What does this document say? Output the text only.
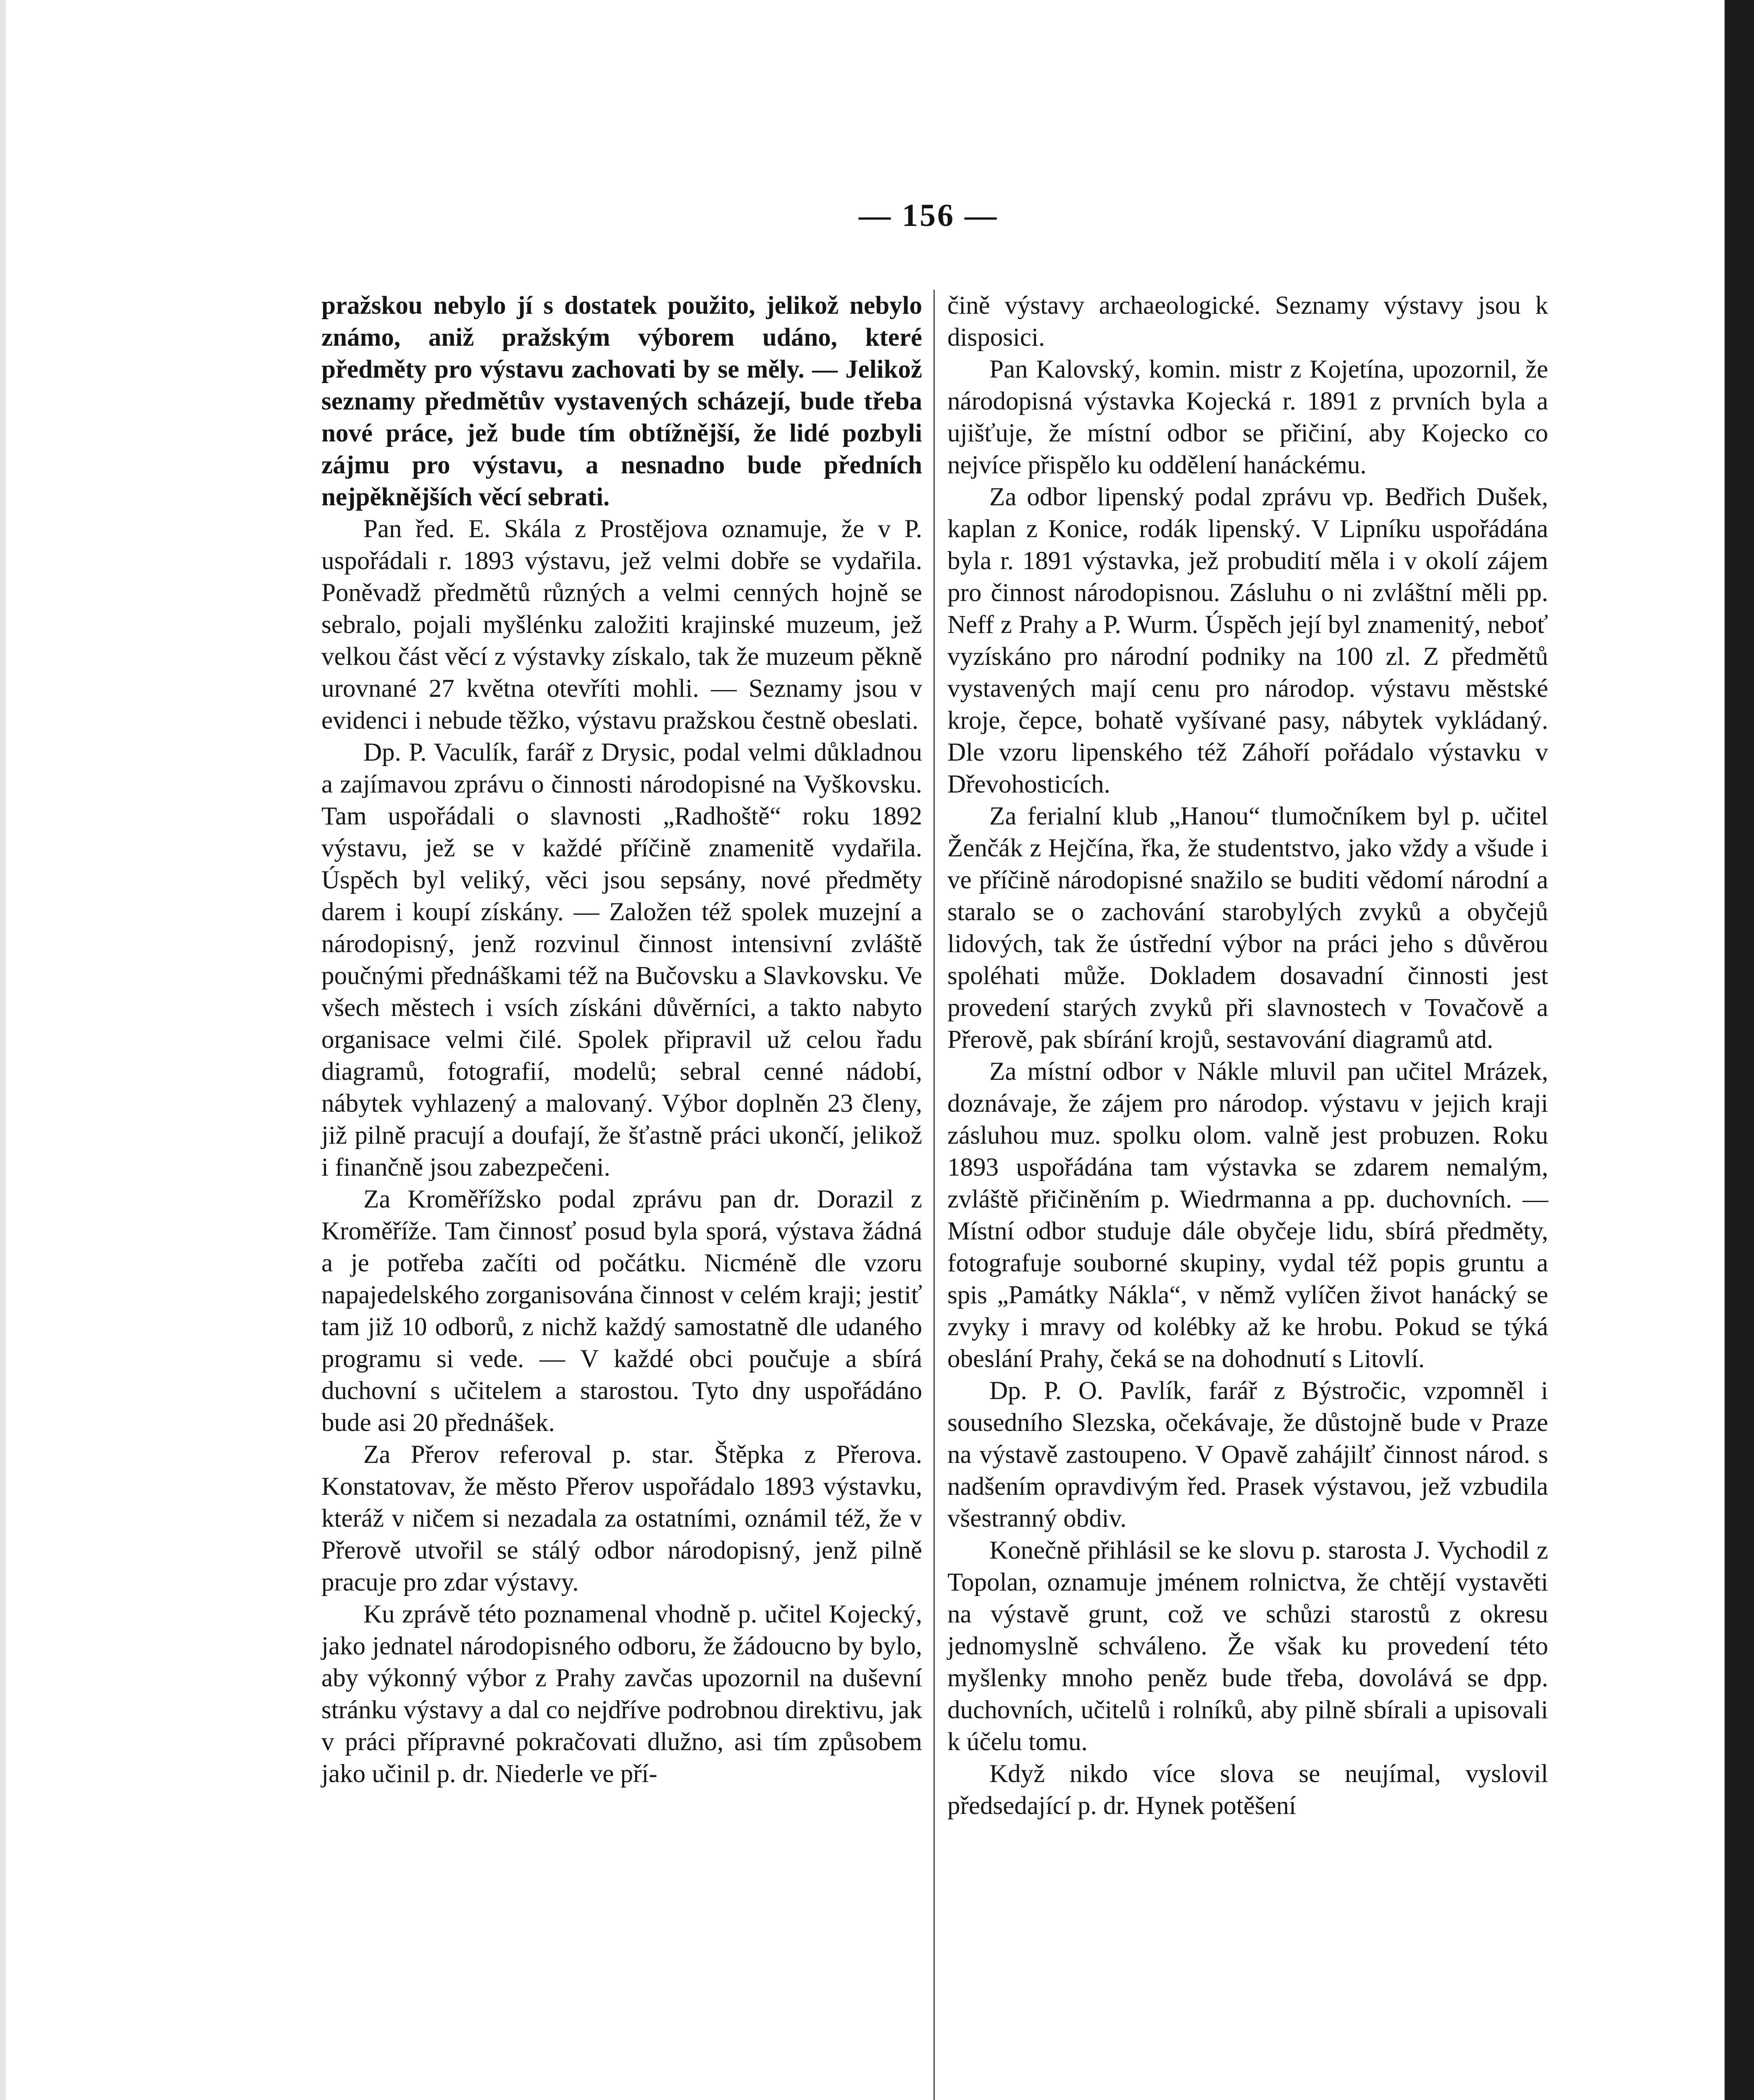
— 156 —

pražskou nebylo jí s dostatek použito, jelikož nebylo známo, aniž pražským výborem udáno, které předměty pro výstavu zachovati by se měly. — Jelikož seznamy předmětův vystavených scházejí, bude třeba nové práce, jež bude tím obtížnější, že lidé pozbyli zájmu pro výstavu, a nesnadno bude předních nejpěknějších věcí sebrati.

Pan řed. E. Skála z Prostějova oznamuje, že v P. uspořádali r. 1893 výstavu, jež velmi dobře se vydařila. Poněvadž předmětů různých a velmi cenných hojně se sebralo, pojali myšlénku založiti krajinské muzeum, jež velkou část věcí z výstavky získalo, tak že muzeum pěkně urovnané 27 května otevříti mohli. — Seznamy jsou v evidenci i nebude těžko, výstavu pražskou čestně obeslati.

Dp. P. Vaculík, farář z Drysic, podal velmi důkladnou a zajímavou zprávu o činnosti národopisné na Vyškovsku. Tam uspořádali o slavnosti „Radhoště“ roku 1892 výstavu, jež se v každé příčině znamenitě vydařila. Úspěch byl veliký, věci jsou sepsány, nové předměty darem i koupí získány. — Založen též spolek muzejní a národopisný, jenž rozvinul činnost intensivní zvláště poučnými přednáškami též na Bučovsku a Slavkovsku. Ve všech městech i vsích získáni důvěrníci, a takto nabyto organisace velmi čilé. Spolek připravil už celou řadu diagramů, fotografií, modelů; sebral cenné nádobí, nábytek vyhlazený a malovaný. Výbor doplněn 23 členy, již pilně pracují a doufají, že šťastně práci ukončí, jelikož i finančně jsou zabezpečeni.

Za Kroměřížsko podal zprávu pan dr. Dorazil z Kroměříže. Tam činnosť posud byla sporá, výstava žádná a je potřeba začíti od počátku. Nicméně dle vzoru napajedelského zorganisována činnost v celém kraji; jestiť tam již 10 odborů, z nichž každý samostatně dle udaného programu si vede. — V každé obci poučuje a sbírá duchovní s učitelem a starostou. Tyto dny uspořádáno bude asi 20 přednášek.

Za Přerov referoval p. star. Štěpka z Přerova. Konstatovav, že město Přerov uspořádalo 1893 výstavku, kteráž v ničem si nezadala za ostatními, oznámil též, že v Přerově utvořil se stálý odbor národopisný, jenž pilně pracuje pro zdar výstavy.

Ku zprávě této poznamenal vhodně p. učitel Kojecký, jako jednatel národopisného odboru, že žádoucno by bylo, aby výkonný výbor z Prahy zavčas upozornil na duševní stránku výstavy a dal co nejdříve podrobnou direktivu, jak v práci přípravné pokračovati dlužno, asi tím způsobem jako učinil p. dr. Niederle ve pří-

čině výstavy archaeologické. Seznamy výstavy jsou k disposici.

Pan Kalovský, komin. mistr z Kojetína, upozornil, že národopisná výstavka Kojecká r. 1891 z prvních byla a ujišťuje, že místní odbor se přičiní, aby Kojecko co nejvíce přispělo ku oddělení hanáckému.

Za odbor lipenský podal zprávu vp. Bedřich Dušek, kaplan z Konice, rodák lipenský. V Lipníku uspořádána byla r. 1891 výstavka, jež probudití měla i v okolí zájem pro činnost národopisnou. Zásluhu o ni zvláštní měli pp. Neff z Prahy a P. Wurm. Úspěch její byl znamenitý, neboť vyzískáno pro národní podniky na 100 zl. Z předmětů vystavených mají cenu pro národop. výstavu městské kroje, čepce, bohatě vyšívané pasy, nábytek vykládaný. Dle vzoru lipenského též Záhoří pořádalo výstavku v Dřevohosticích.

Za ferialní klub „Hanou“ tlumočníkem byl p. učitel Ženčák z Hejčína, řka, že studentstvo, jako vždy a všude i ve příčině národopisné snažilo se buditi vědomí národní a staralo se o zachování starobylých zvyků a obyčejů lidových, tak že ústřední výbor na práci jeho s důvěrou spoléhati může. Dokladem dosavadní činnosti jest provedení starých zvyků při slavnostech v Tovačově a Přerově, pak sbírání krojů, sestavování diagramů atd.

Za místní odbor v Nákle mluvil pan učitel Mrázek, doznávaje, že zájem pro národop. výstavu v jejich kraji zásluhou muz. spolku olom. valně jest probuzen. Roku 1893 uspořádána tam výstavka se zdarem nemalým, zvláště přičiněním p. Wiedrmanna a pp. duchovních. — Místní odbor studuje dále obyčeje lidu, sbírá předměty, fotografuje souborné skupiny, vydal též popis gruntu a spis „Památky Nákla“, v němž vylíčen život hanácký se zvyky i mravy od kolébky až ke hrobu. Pokud se týká obeslání Prahy, čeká se na dohodnutí s Litovlí.

Dp. P. O. Pavlík, farář z Býstročic, vzpomněl i sousedního Slezska, očekávaje, že důstojně bude v Praze na výstavě zastoupeno. V Opavě zahájilť činnost národ. s nadšením opravdivým řed. Prasek výstavou, jež vzbudila všestranný obdiv.

Konečně přihlásil se ke slovu p. starosta J. Vychodil z Topolan, oznamuje jménem rolnictva, že chtějí vystavěti na výstavě grunt, což ve schůzi starostů z okresu jednomyslně schváleno. Že však ku provedení této myšlenky mnoho peněz bude třeba, dovolává se dpp. duchovních, učitelů i rolníků, aby pilně sbírali a upisovali k účelu tomu.

Když nikdo více slova se neujímal, vyslovil předsedající p. dr. Hynek potěšení
